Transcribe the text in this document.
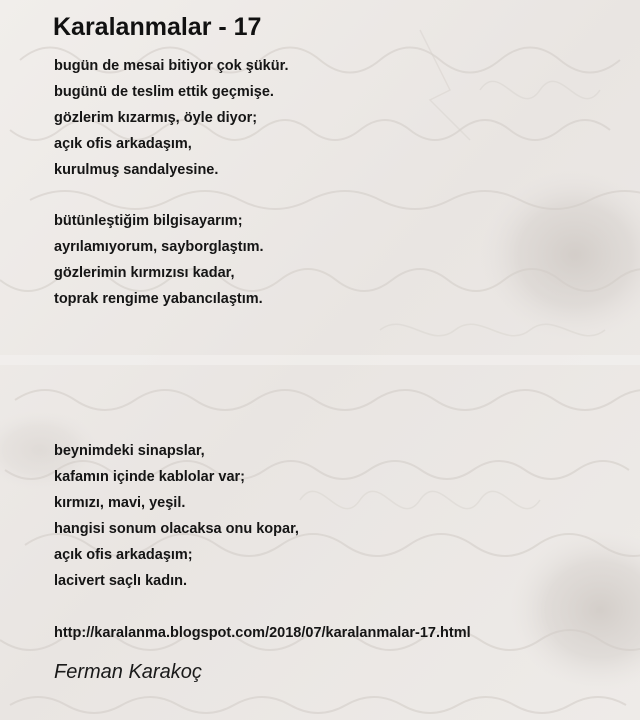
Karalanmalar - 17
bugün de mesai bitiyor çok şükür.
bugünü de teslim ettik geçmişe.
gözlerim kızarmış, öyle diyor;
açık ofis arkadaşım,
kurulmuş sandalyesine.
bütünleştiğim bilgisayarım;
ayrılamıyorum, sayborglaştım.
gözlerimin kırmızısı kadar,
toprak rengime yabancılaştım.
beynimdeki sinapslar,
kafamın içinde kablolar var;
kırmızı, mavi, yeşil.
hangisi sonum olacaksa onu kopar,
açık ofis arkadaşım;
lacivert saçlı kadın.
http://karalanma.blogspot.com/2018/07/karalanmalar-17.html
Ferman Karakoç
